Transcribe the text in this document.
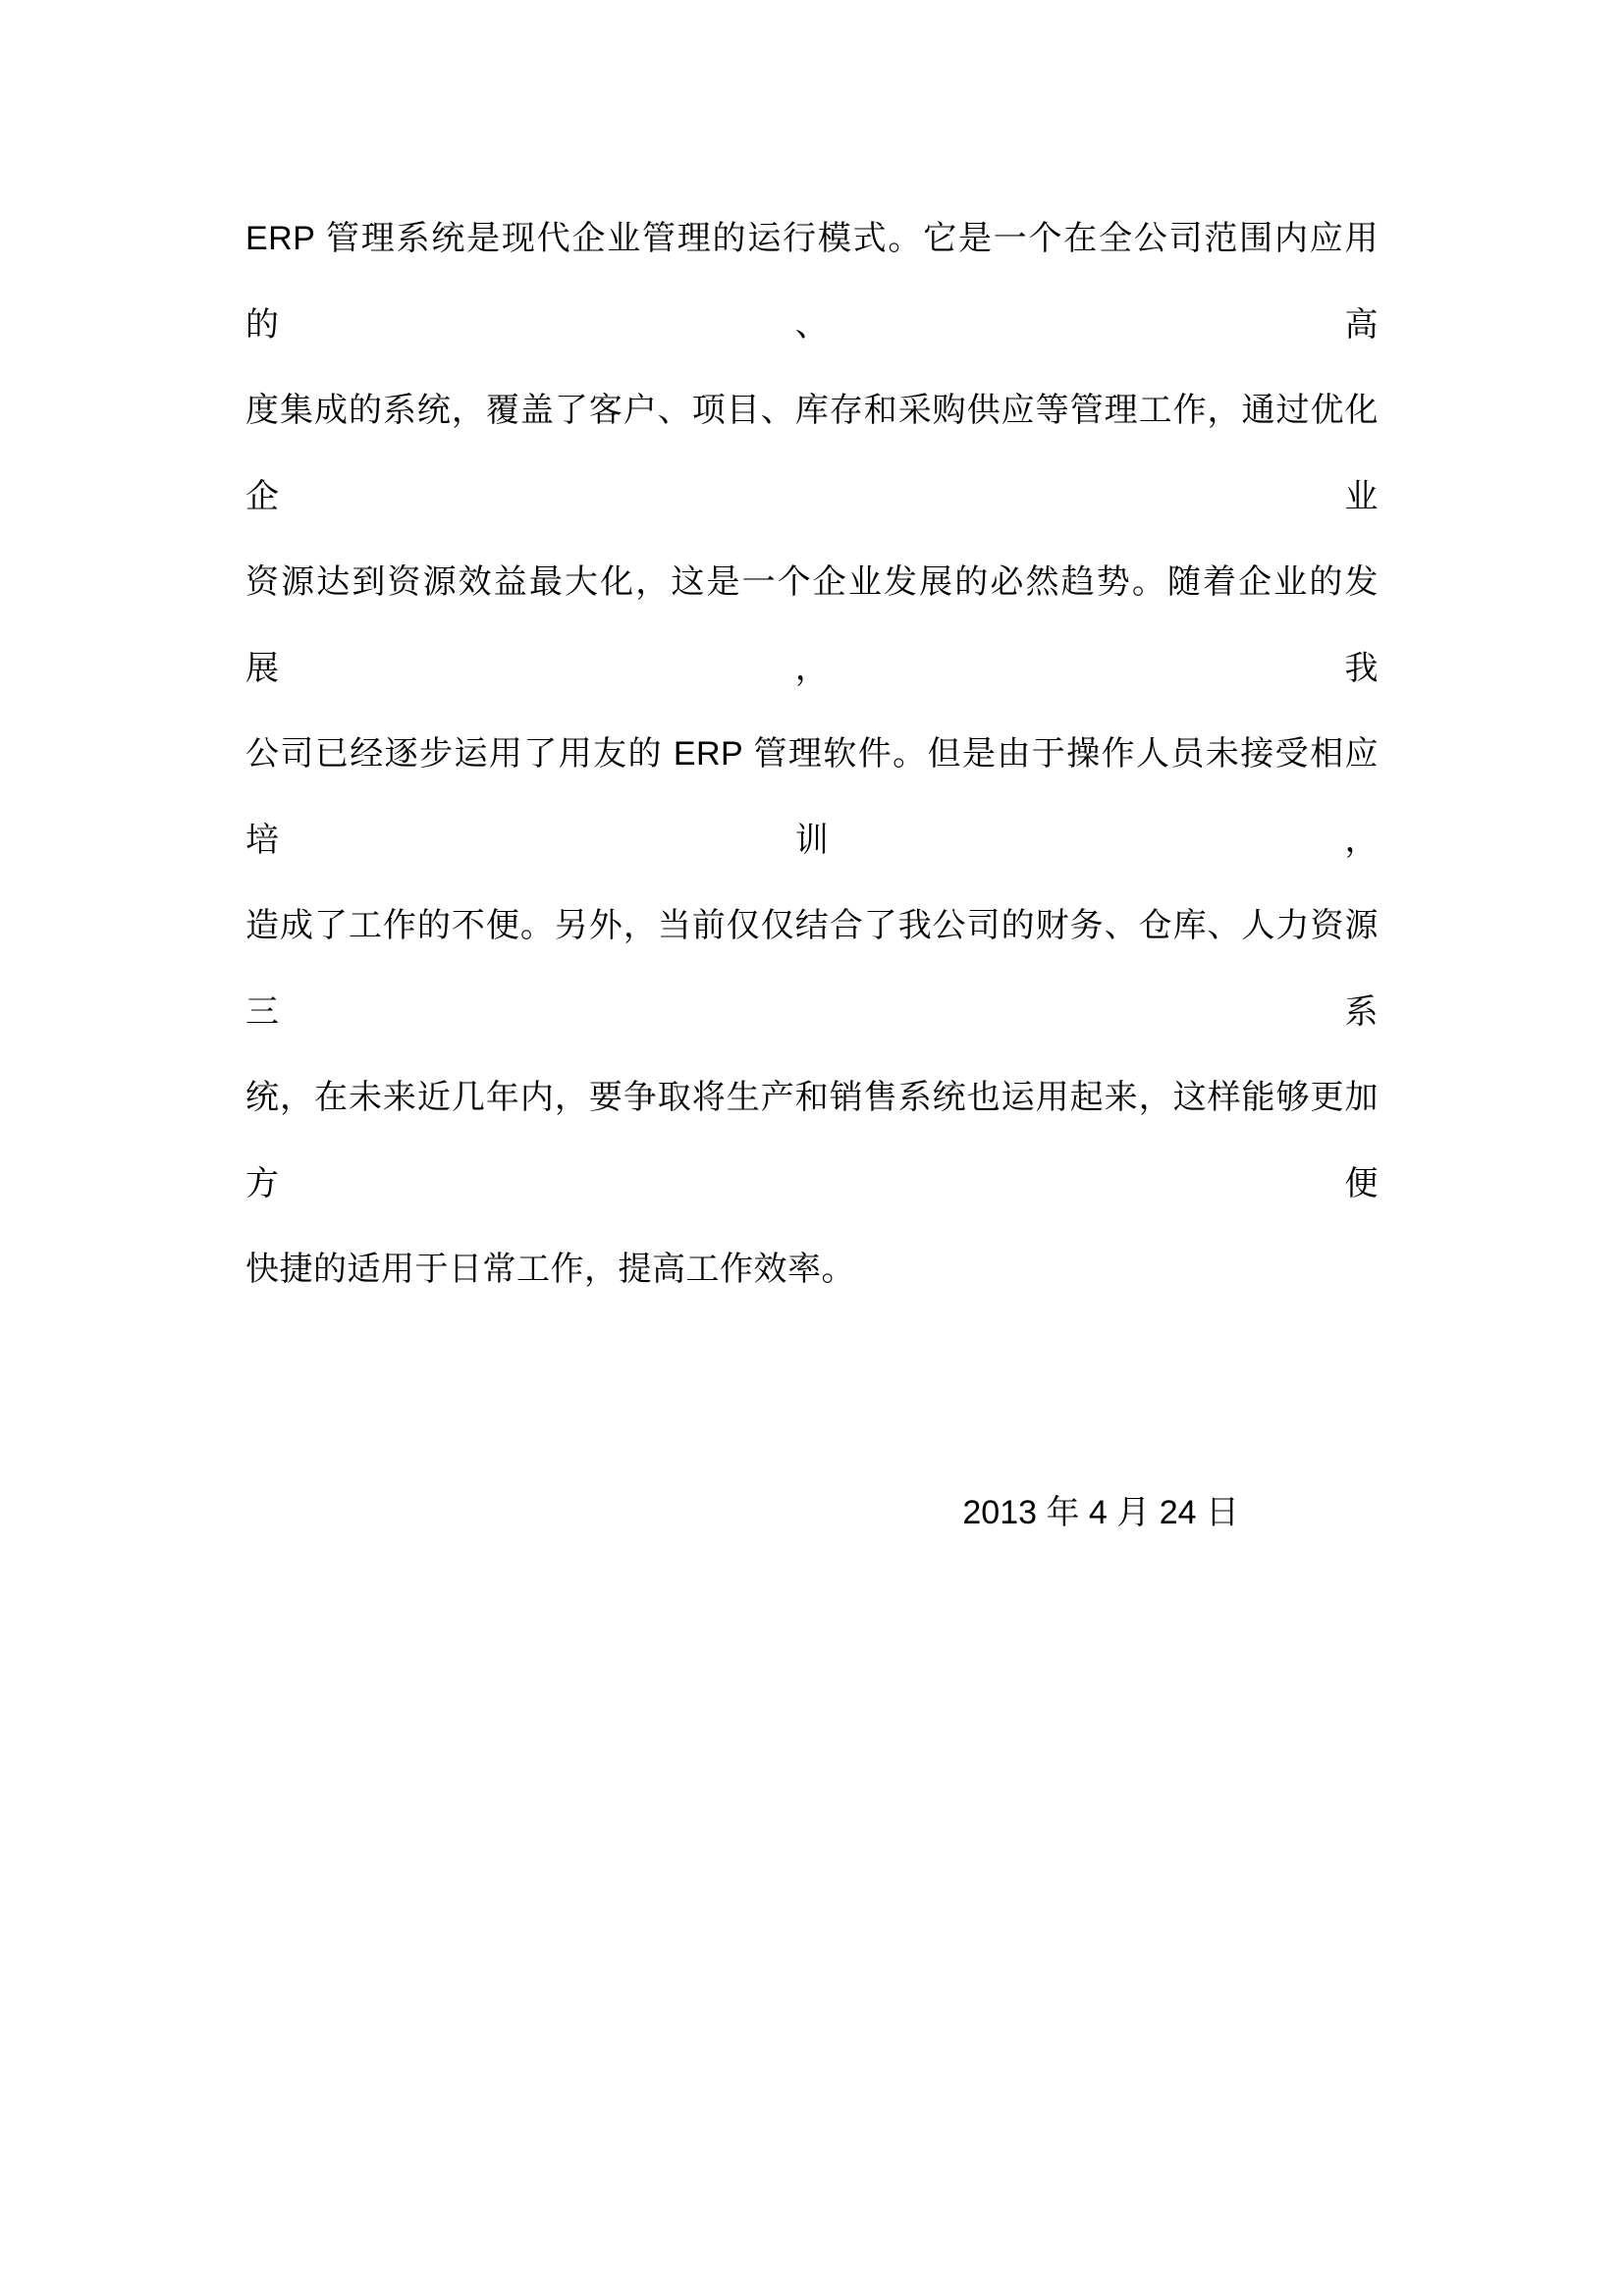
ERP 管理系统是现代企业管理的运行模式。它是一个在全公司范围内应用的、高
度集成的系统，覆盖了客户、项目、库存和采购供应等管理工作，通过优化企业
资源达到资源效益最大化，这是一个企业发展的必然趋势。随着企业的发展，我
公司已经逐步运用了用友的 ERP 管理软件。但是由于操作人员未接受相应培训，
造成了工作的不便。另外，当前仅仅结合了我公司的财务、仓库、人力资源三系
统，在未来近几年内，要争取将生产和销售系统也运用起来，这样能够更加方便
快捷的适用于日常工作，提高工作效率。
2013 年 4 月 24 日
